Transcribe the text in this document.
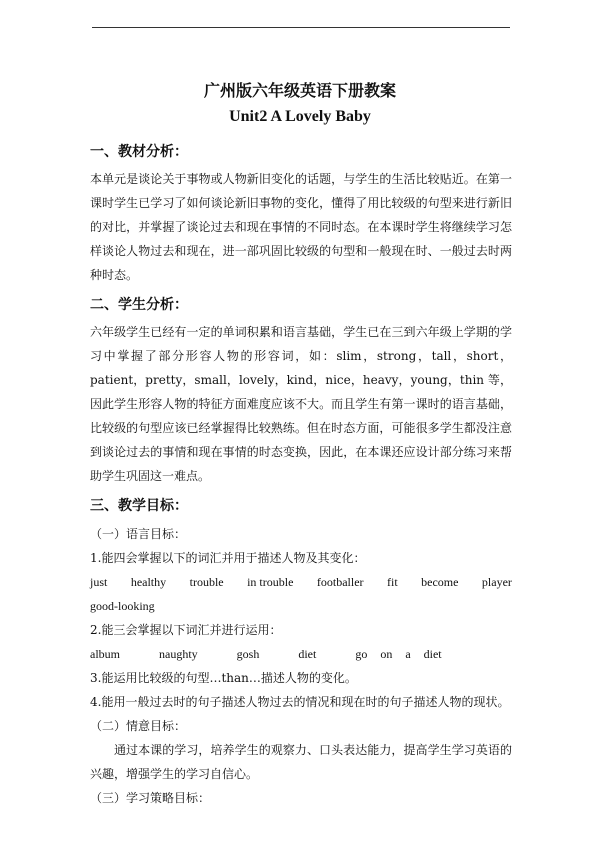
广州版六年级英语下册教案
Unit2 A Lovely Baby
一、教材分析：

本单元是谈论关于事物或人物新旧变化的话题，与学生的生活比较贴近。在第一课时学生已学习了如何谈论新旧事物的变化，懂得了用比较级的句型来进行新旧的对比，并掌握了谈论过去和现在事情的不同时态。在本课时学生将继续学习怎样谈论人物过去和现在，进一部巩固比较级的句型和一般现在时、一般过去时两种时态。

二、学生分析：

六年级学生已经有一定的单词积累和语言基础，学生已在三到六年级上学期的学习中掌握了部分形容人物的形容词，如：slim，strong，tall，short，patient，pretty，small，lovely，kind，nice，heavy，young，thin 等，因此学生形容人物的特征方面难度应该不大。而且学生有第一课时的语言基础，比较级的句型应该已经掌握得比较熟练。但在时态方面，可能很多学生都没注意到谈论过去的事情和现在事情的时态变换，因此，在本课还应设计部分练习来帮助学生巩固这一难点。

三、教学目标：
（一）语言目标：
1.能四会掌握以下的词汇并用于描述人物及其变化：
just healthy trouble in trouble footballer fit become player
good-looking
2.能三会掌握以下词汇并进行运用：
album   naughty   gosh   diet   go on a diet
3.能运用比较级的句型…than…描述人物的变化。
4.能用一般过去时的句子描述人物过去的情况和现在时的句子描述人物的现状。
（二）情意目标：
通过本课的学习，培养学生的观察力、口头表达能力，提高学生学习英语的兴趣，增强学生的学习自信心。
（三）学习策略目标：
